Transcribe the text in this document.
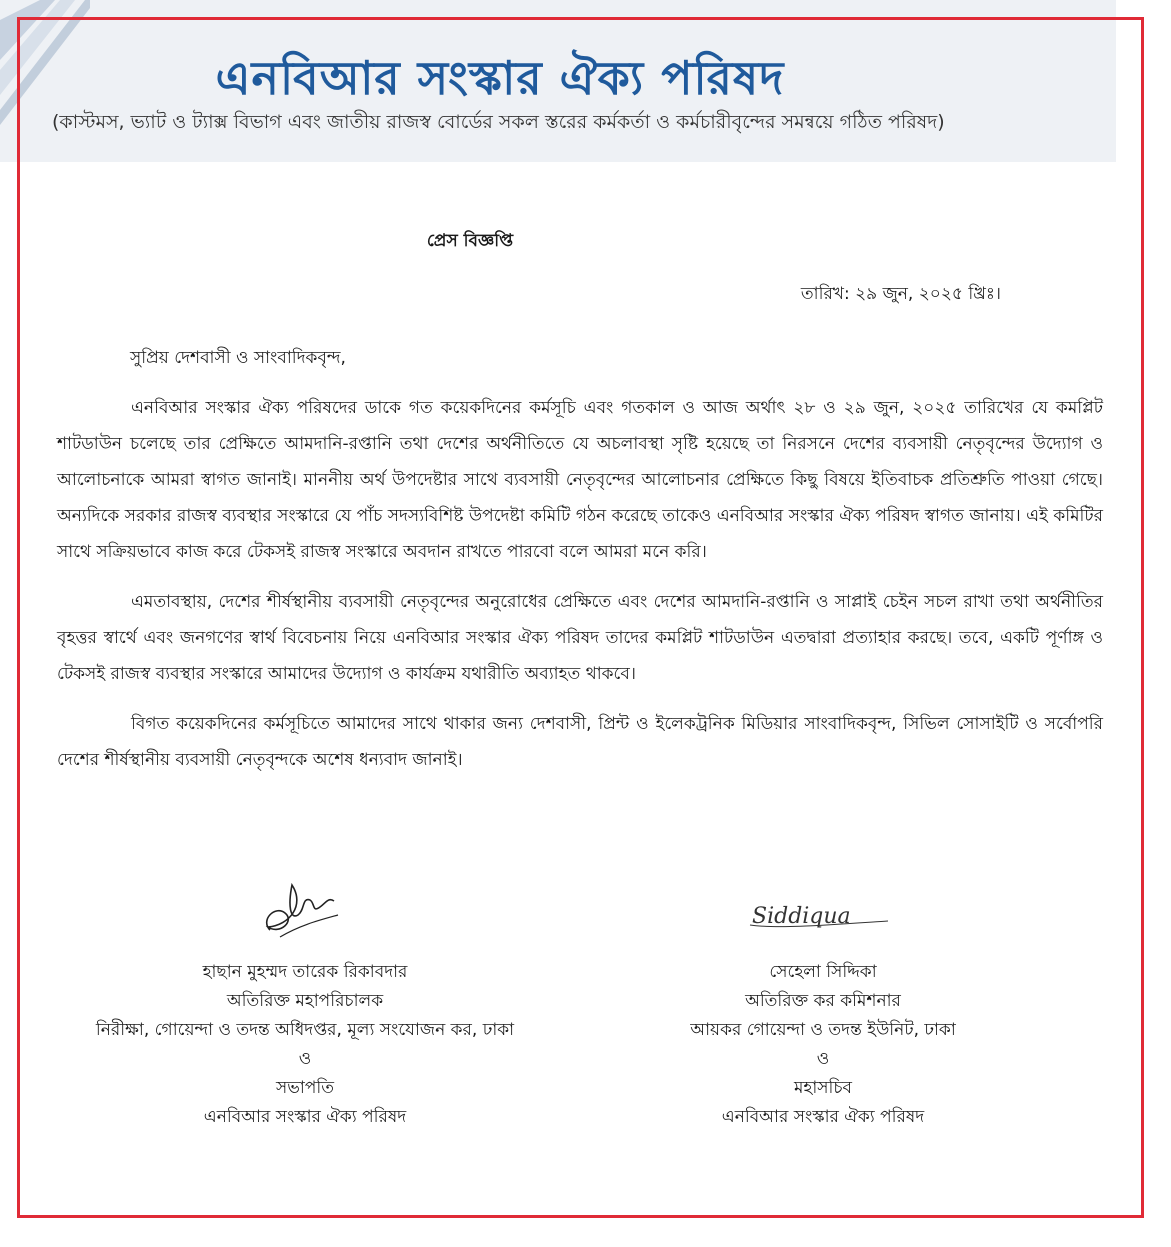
এনবিআর সংস্কার ঐক্য পরিষদ
(কাস্টমস, ভ্যাট ও ট্যাক্স বিভাগ এবং জাতীয় রাজস্ব বোর্ডের সকল স্তরের কর্মকর্তা ও কর্মচারীবৃন্দের সমন্বয়ে গঠিত পরিষদ)
প্রেস বিজ্ঞপ্তি
তারিখ: ২৯ জুন, ২০২৫ খ্রিঃ।
সুপ্রিয় দেশবাসী ও সাংবাদিকবৃন্দ,

এনবিআর সংস্কার ঐক্য পরিষদের ডাকে গত কয়েকদিনের কর্মসূচি এবং গতকাল ও আজ অর্থাৎ ২৮ ও ২৯ জুন, ২০২৫ তারিখের যে কমপ্লিট শাটডাউন চলেছে তার প্রেক্ষিতে আমদানি-রপ্তানি তথা দেশের অর্থনীতিতে যে অচলাবস্থা সৃষ্টি হয়েছে তা নিরসনে দেশের ব্যবসায়ী নেতৃবৃন্দের উদ্যোগ ও আলোচনাকে আমরা স্বাগত জানাই। মাননীয় অর্থ উপদেষ্টার সাথে ব্যবসায়ী নেতৃবৃন্দের আলোচনার প্রেক্ষিতে কিছু বিষয়ে ইতিবাচক প্রতিশ্রুতি পাওয়া গেছে। অন্যদিকে সরকার রাজস্ব ব্যবস্থার সংস্কারে যে পাঁচ সদস্যবিশিষ্ট উপদেষ্টা কমিটি গঠন করেছে তাকেও এনবিআর সংস্কার ঐক্য পরিষদ স্বাগত জানায়। এই কমিটির সাথে সক্রিয়ভাবে কাজ করে টেকসই রাজস্ব সংস্কারে অবদান রাখতে পারবো বলে আমরা মনে করি।

এমতাবস্থায়, দেশের শীর্ষস্থানীয় ব্যবসায়ী নেতৃবৃন্দের অনুরোধের প্রেক্ষিতে এবং দেশের আমদানি-রপ্তানি ও সাপ্লাই চেইন সচল রাখা তথা অর্থনীতির বৃহত্তর স্বার্থে এবং জনগণের স্বার্থ বিবেচনায় নিয়ে এনবিআর সংস্কার ঐক্য পরিষদ তাদের কমপ্লিট শাটডাউন এতদ্বারা প্রত্যাহার করছে। তবে, একটি পূর্ণাঙ্গ ও টেকসই রাজস্ব ব্যবস্থার সংস্কারে আমাদের উদ্যোগ ও কার্যক্রম যথারীতি অব্যাহত থাকবে।

বিগত কয়েকদিনের কর্মসূচিতে আমাদের সাথে থাকার জন্য দেশবাসী, প্রিন্ট ও ইলেকট্রনিক মিডিয়ার সাংবাদিকবৃন্দ, সিভিল সোসাইটি ও সর্বোপরি দেশের শীর্ষস্থানীয় ব্যবসায়ী নেতৃবৃন্দকে অশেষ ধন্যবাদ জানাই।

Siddiqua
হাছান মুহম্মদ তারেক রিকাবদার
অতিরিক্ত মহাপরিচালক
নিরীক্ষা, গোয়েন্দা ও তদন্ত অধিদপ্তর, মূল্য সংযোজন কর, ঢাকা
ও
সভাপতি
এনবিআর সংস্কার ঐক্য পরিষদ
সেহেলা সিদ্দিকা
অতিরিক্ত কর কমিশনার
আয়কর গোয়েন্দা ও তদন্ত ইউনিট, ঢাকা
ও
মহাসচিব
এনবিআর সংস্কার ঐক্য পরিষদ
